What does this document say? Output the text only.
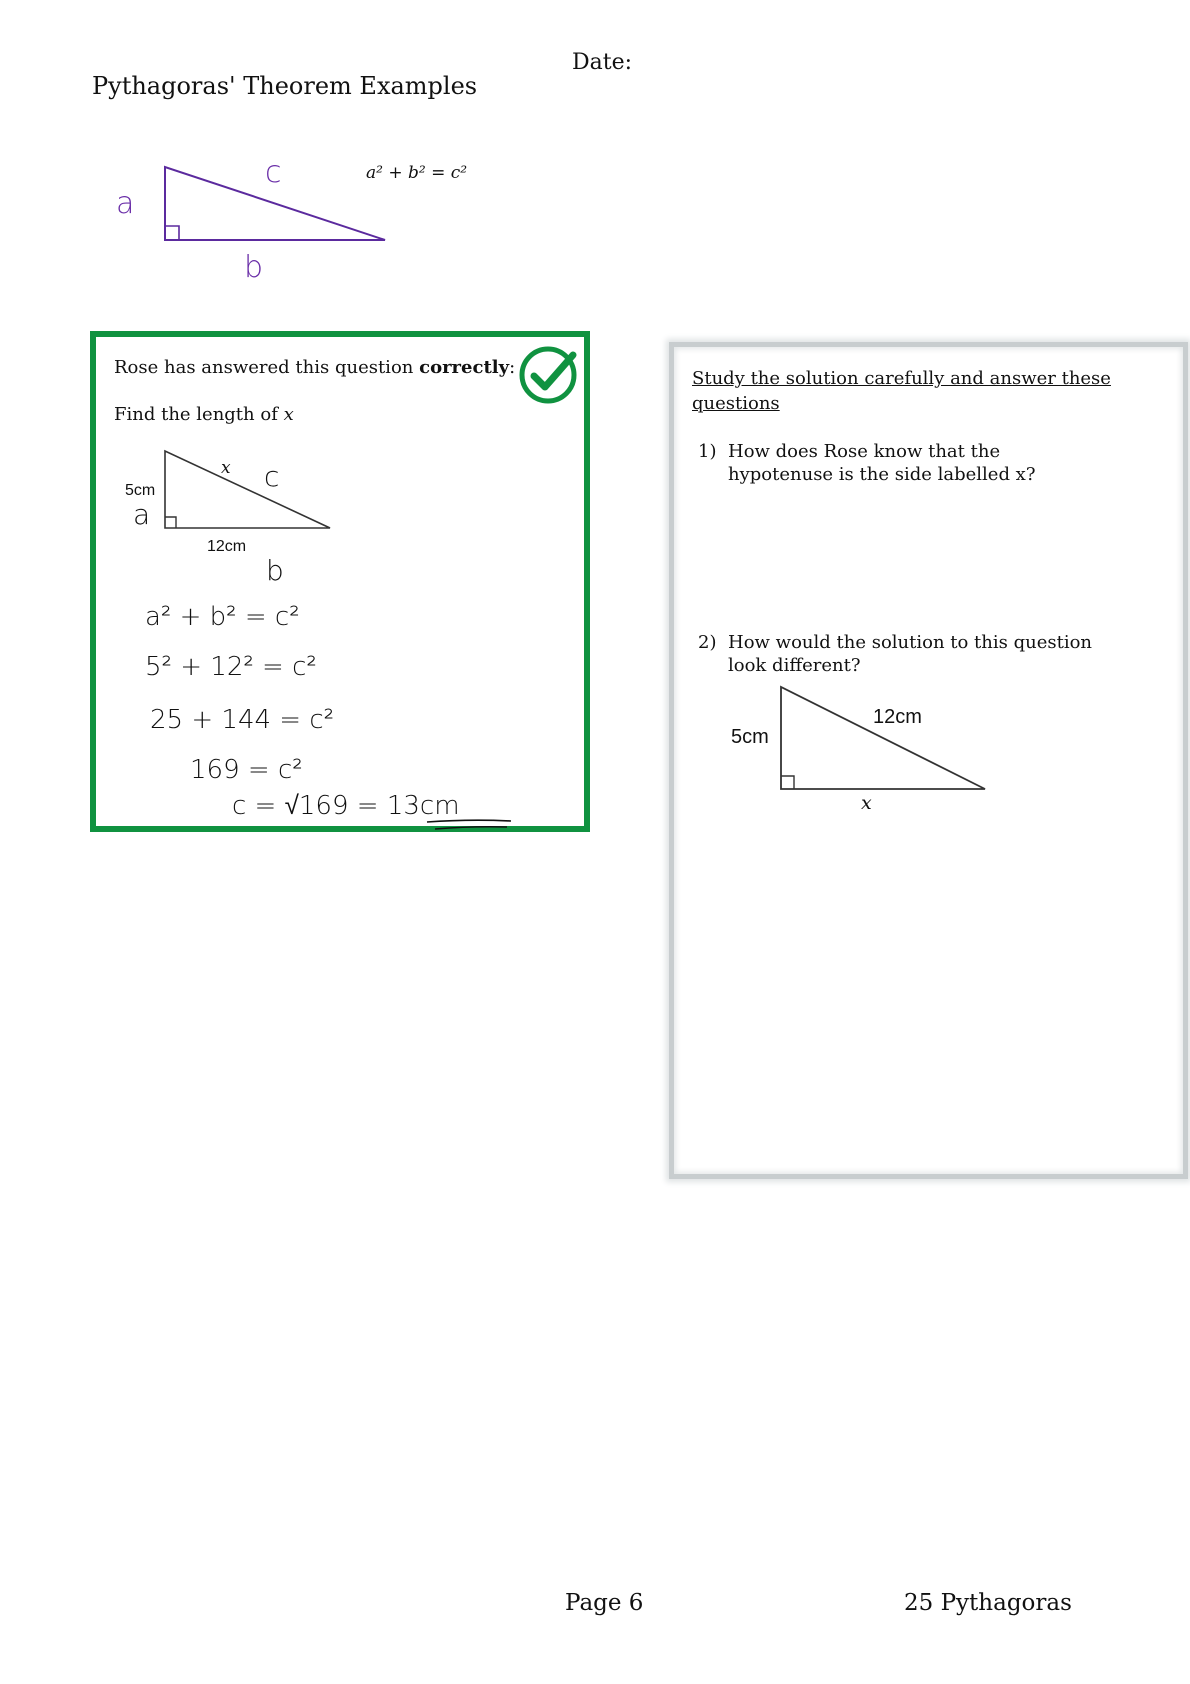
Pythagoras' Theorem Examples
Date:
a
b
c	a² + b² = c²
Rose has answered this question correctly:
Find the length of x
5cm
12cm
x
a
b
c
a² + b² = c²
5² + 12² = c²
25 + 144 = c²
169 = c²
c = √169 = 13cm
Study the solution carefully and answer these questions
1) How does Rose know that the hypotenuse is the side labelled x?
2) How would the solution to this question look different?
5cm
12cm
x
Page 6	25 Pythagoras
